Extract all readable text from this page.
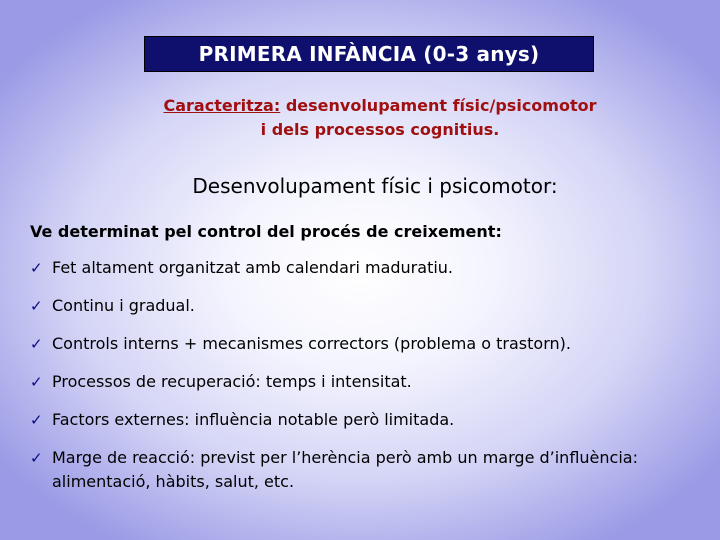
PRIMERA INFÀNCIA (0-3 anys)
Caracteritza: desenvolupament físic/psicomotor
i dels processos cognitius.
Desenvolupament físic i psicomotor:
Ve determinat pel control del procés de creixement:
✓ Fet altament organitzat amb calendari maduratiu.
✓ Continu i gradual.
✓ Controls interns + mecanismes correctors (problema o trastorn).
✓ Processos de recuperació: temps i intensitat.
✓ Factors externes: influència notable però limitada.
✓ Marge de reacció: previst per l’herència però amb un marge d’influència: alimentació, hàbits, salut, etc.
